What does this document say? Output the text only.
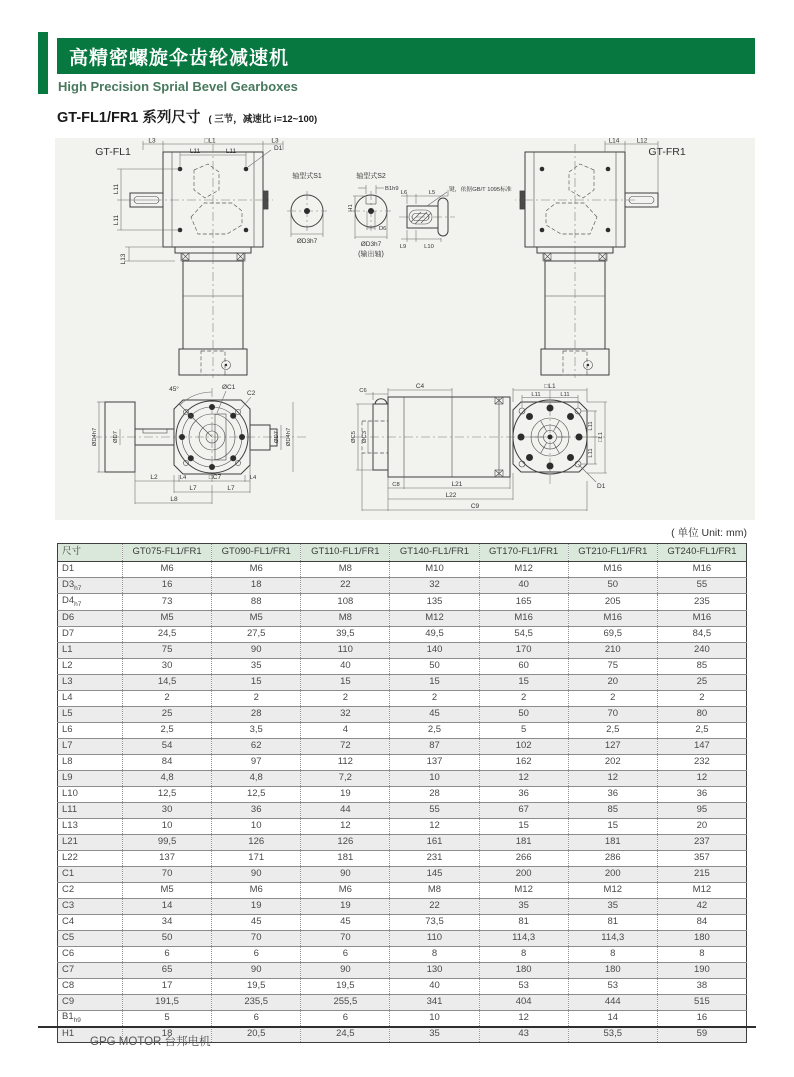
高精密螺旋伞齿轮减速机
High Precision Sprial Bevel Gearboxes
GT-FL1/FR1 系列尺寸 ( 三节，减速比 i=12~100)
GT-FL1
L3	□L1	L3
L11	L11	D1
L11
L11
L13
轴型式S1
ØD3h7
轴型式S2
B1h9
H1
D6
ØD3h7
(输出轴)
L6	L5 键，依据GB/T 1095标准
L9	L10
GT-FR1
L14	L12
45°	ØC1
C2
ØD4h7	ØD7	ØD7 ØD4h7
L2	L4	□C7	L4
L7	L7
L8
C4
C6
□L1
L11	L11
ØC5 ØC3
L11
L11
□L1
D1
C8	L21
L22
C9
( 单位 Unit: mm)
尺寸	GT075-FL1/FR1	GT090-FL1/FR1	GT110-FL1/FR1	GT140-FL1/FR1	GT170-FL1/FR1	GT210-FL1/FR1	GT240-FL1/FR1
D1	M6	M6	M8	M10	M12	M16	M16
$D3_{h7}$	16	18	22	32	40	50	55
$D4_{h7}$	73	88	108	135	165	205	235
D6	M5	M5	M8	M12	M16	M16	M16
D7	24,5	27,5	39,5	49,5	54,5	69,5	84,5
L1	75	90	110	140	170	210	240
L2	30	35	40	50	60	75	85
L3	14,5	15	15	15	15	20	25
L4	2	2	2	2	2	2	2
L5	25	28	32	45	50	70	80
L6	2,5	3,5	4	2,5	5	2,5	2,5
L7	54	62	72	87	102	127	147
L8	84	97	112	137	162	202	232
L9	4,8	4,8	7,2	10	12	12	12
L10	12,5	12,5	19	28	36	36	36
L11	30	36	44	55	67	85	95
L13	10	10	12	12	15	15	20
L21	99,5	126	126	161	181	181	237
L22	137	171	181	231	266	286	357
C1	70	90	90	145	200	200	215
C2	M5	M6	M6	M8	M12	M12	M12
C3	14	19	19	22	35	35	42
C4	34	45	45	73,5	81	81	84
C5	50	70	70	110	114,3	114,3	180
C6	6	6	6	8	8	8	8
C7	65	90	90	130	180	180	190
C8	17	19,5	19,5	40	53	53	38
C9	191,5	235,5	255,5	341	404	444	515
$B1_{h9}$	5	6	6	10	12	14	16
H1	18	20,5	24,5	35	43	53,5	59
GPG MOTOR 台邦电机
